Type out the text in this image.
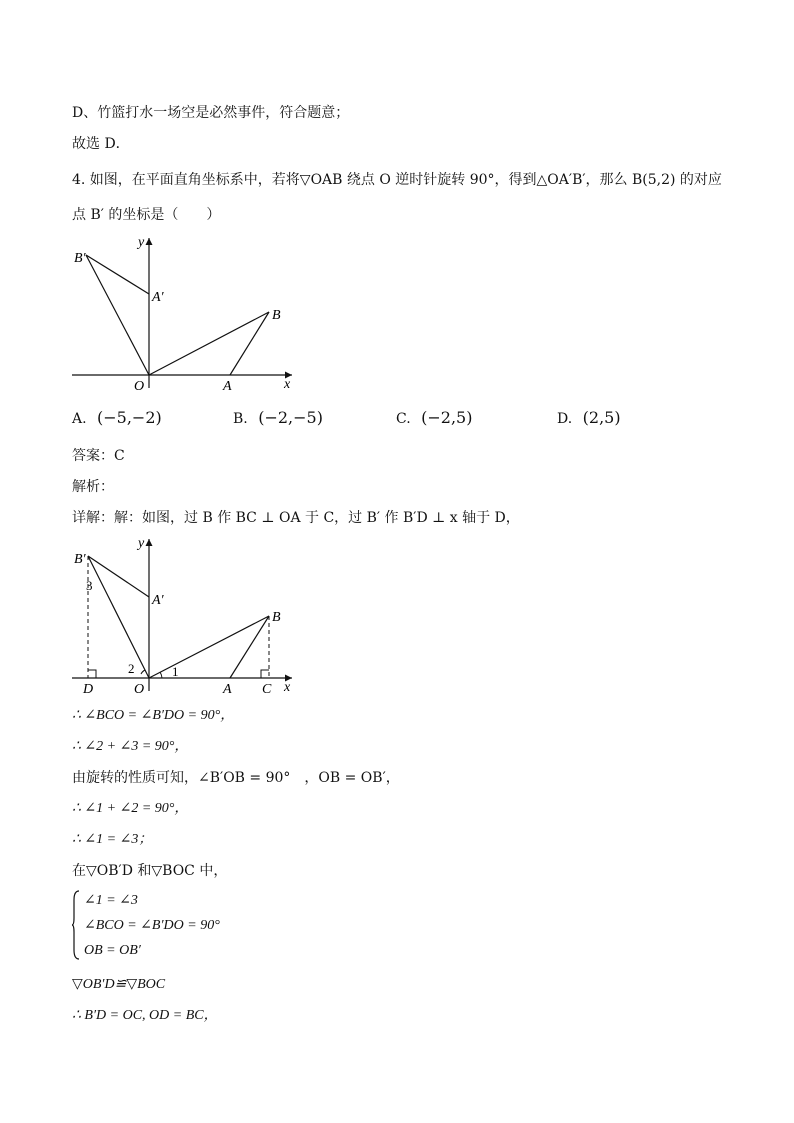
D、竹篮打水一场空是必然事件，符合题意；
故选 D．
4. 如图，在平面直角坐标系中，若将▽OAB 绕点 O 逆时针旋转 90°，得到△OA′B′，那么 B(5,2) 的对应
点 B′ 的坐标是（　　）
y
x
O	A
B
B′
A′
A. (−5,−2)	B. (−2,−5)	C. (−2,5)	D. (2,5)
答案：C
解析：
详解：解：如图，过 B 作 BC ⊥ OA 于 C，过 B′ 作 B′D ⊥ x 轴于 D，
y
x
O	A
B
C
D
B′
A′
1
2
3
∴ ∠BCO = ∠B′DO = 90°，
∴ ∠2 + ∠3 = 90°，
由旋转的性质可知，∠B′OB = 90°　，OB = OB′，
∴ ∠1 + ∠2 = 90°，
∴ ∠1 = ∠3；
在▽OB′D 和▽BOC 中，
∠1 = ∠3
∠BCO = ∠B′DO = 90°
OB = OB′
▽OB′D≌▽BOC
∴ B′D = OC, OD = BC，
